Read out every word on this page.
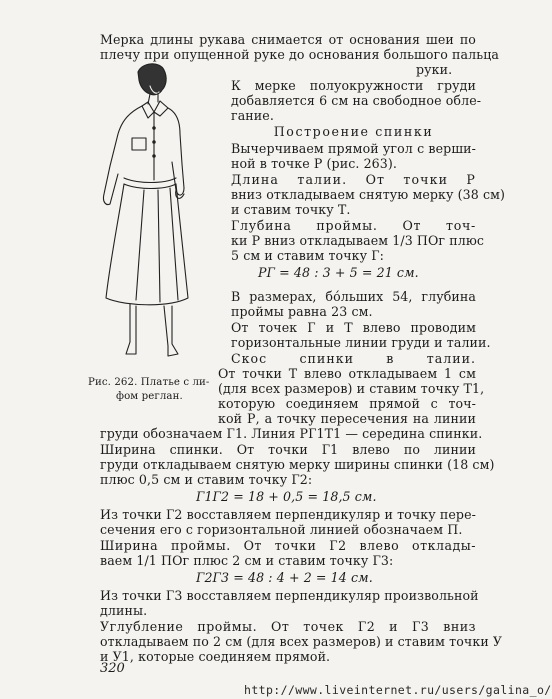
Мерка длины рукава снимается от основания шеи по
плечу при опущенной руке до основания большого пальца
руки.
К мерке полуокружности груди
добавляется 6 см на свободное обле-
гание.
Построение спинки
Вычерчиваем прямой угол с верши-
ной в точке Р (рис. 263).
Длина талии. От точки Р
вниз откладываем снятую мерку (38 см)
и ставим точку Т.
Глубина проймы. От точ-
ки Р вниз откладываем 1/3 ПОг плюс
5 см и ставим точку Г:
РГ = 48 : 3 + 5 = 21 см.
В размерах, бо́льших 54, глубина
проймы равна 23 см.
От точек Г и Т влево проводим
горизонтальные линии груди и талии.
Скос спинки в талии.
От точки Т влево откладываем 1 см
(для всех размеров) и ставим точку Т1,
которую соединяем прямой с точ-
кой Р, а точку пересечения на линии
Рис. 262. Платье с ли-
фом реглан.
груди обозначаем Г1. Линия РГ1Т1 — середина спинки.
Ширина спинки. От точки Г1 влево по линии
груди откладываем снятую мерку ширины спинки (18 см)
плюс 0,5 см и ставим точку Г2:
Г1Г2 = 18 + 0,5 = 18,5 см.
Из точки Г2 восставляем перпендикуляр и точку пере-
сечения его с горизонтальной линией обозначаем П.
Ширина проймы. От точки Г2 влево отклады-
ваем 1/1 ПОг плюс 2 см и ставим точку Г3:
Г2Г3 = 48 : 4 + 2 = 14 см.
Из точки Г3 восставляем перпендикуляр произвольной
длины.
Углубление проймы. От точек Г2 и Г3 вниз
откладываем по 2 см (для всех размеров) и ставим точки У
и У1, которые соединяем прямой.
320
http://www.liveinternet.ru/users/galina_o/
